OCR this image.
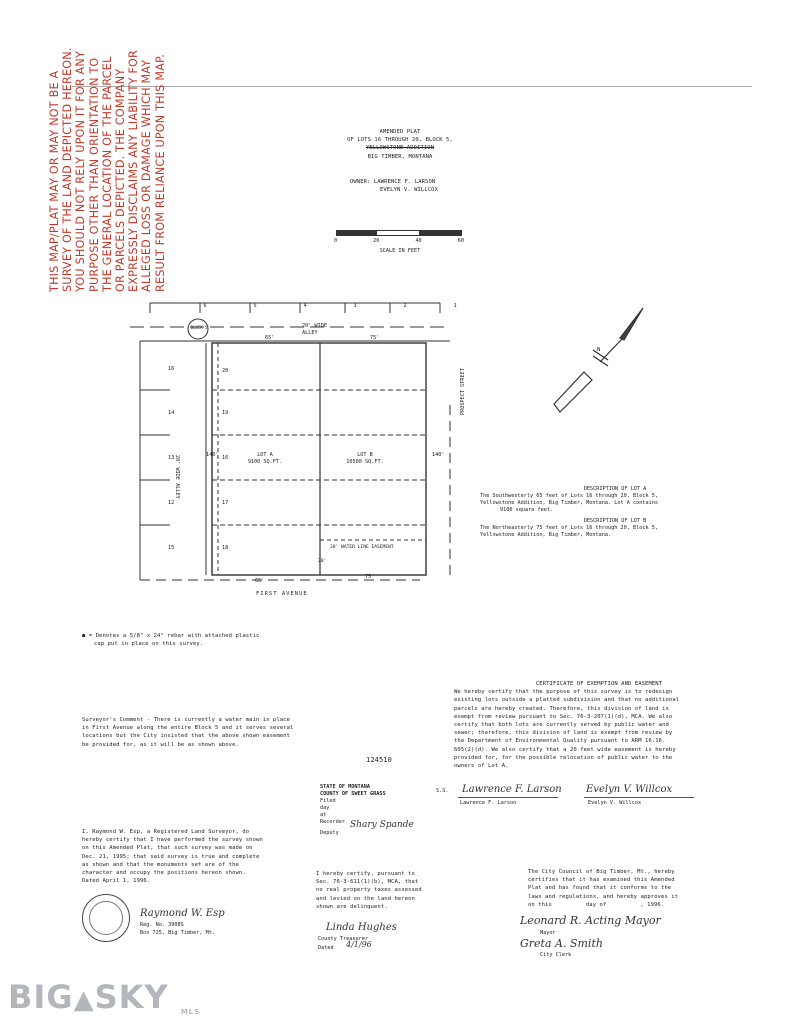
THIS MAP/PLAT MAY OR MAY NOT BE A SURVEY OF THE LAND DEPICTED HEREON. YOU SHOULD NOT RELY UPON IT FOR ANY PURPOSE OTHER THAN ORIENTATION TO THE GENERAL LOCATION OF THE PARCEL OR PARCELS DEPICTED. THE COMPANY EXPRESSLY DISCLAIMS ANY LIABILITY FOR ALLEGED LOSS OR DAMAGE WHICH MAY RESULT FROM RELIANCE UPON THIS MAP.	AMENDED PLAT
OF LOTS 16 THROUGH 20, BLOCK 5,
YELLOWSTONE ADDITION
BIG TIMBER, MONTANA
OWNER: LAWRENCE F. LARSON
EVELYN V. WILLCOX
0	20	40	60
SCALE IN FEET
6	5	4	3	2	1
20' WIDE ALLEY
BLOCK 5
65'	75'
65'
75'
16
14
13
12
15
20
19
16
17
18
20' WIDE ALLEY	140'	LOT A
9100 SQ.FT.
LOT B
10500 SQ.FT.
140'
PROSPECT STREET
20' WATER LINE EASEMENT
20'
FIRST AVENUE
N
DESCRIPTION OF LOT A
The Southwesterly 65 feet of Lots 16 through 20, Block 5,
Yellowstone Addition, Big Timber, Montana. Lot A contains
9100 square feet.
DESCRIPTION OF LOT B
The Northeasterly 75 feet of Lots 16 through 20, Block 5,
Yellowstone Addition, Big Timber, Montana.
● = Denotes a 5/8" x 24" rebar with attached plastic
cap put in place on this survey.
CERTIFICATE OF EXEMPTION AND EASEMENT
We hereby certify that the purpose of this survey is to redesign
existing lots outside a platted subdivision and that no additional
parcels are hereby created. Therefore, this division of land is
exempt from review pursuant to Sec. 76-3-207(1)(d), MCA. We also
certify that both lots are currently served by public water and
sewer; therefore, this division of land is exempt from review by
the Department of Environmental Quality pursuant to ARM 16.16.
605(2)(d). We also certify that a 20 feet wide easement is hereby
provided for, for the possible relocation of public water to the
owners of Lot A.
Lawrence F. Larson Evelyn V. Willcox
Lawrence F. Larson	Evelyn V. Willcox
Surveyor's Comment - There is currently a water main in place
in First Avenue along the entire Block 5 and it serves several
locations but the City insisted that the above shown easement
be provided for, as it will be as shown above.
124510
STATE OF MONTANA
COUNTY OF SWEET GRASS
Filed
day
at
Recorder
Deputy
S.S.
Shary Spande
I, Raymond W. Esp, a Registered Land Surveyor, do
hereby certify that I have performed the survey shown
on this Amended Plat, that such survey was made on
Dec. 21, 1995; that said survey is true and complete
as shown and that the monuments set are of the
character and occupy the positions hereon shown.
Dated April 1, 1996.
Raymond W. Esp
Reg. No. 3908S
Box 725, Big Timber, Mt.
I hereby certify, pursuant to
Sec. 76-3-611(1)(b), MCA, that
no real property taxes assessed
and levied on the land hereon
shown are delinquent.
Linda Hughes
County Treasurer
Dated 4/1/96
The City Council of Big Timber, Mt., hereby
certifies that it has examined this Amended
Plat and has found that it conforms to the
laws and regulations, and hereby approves it
on this	day of	, 1996.
Leonard R. Acting Mayor
Mayor
Greta A. Smith
City Clerk
BIG▲SKY MLS
